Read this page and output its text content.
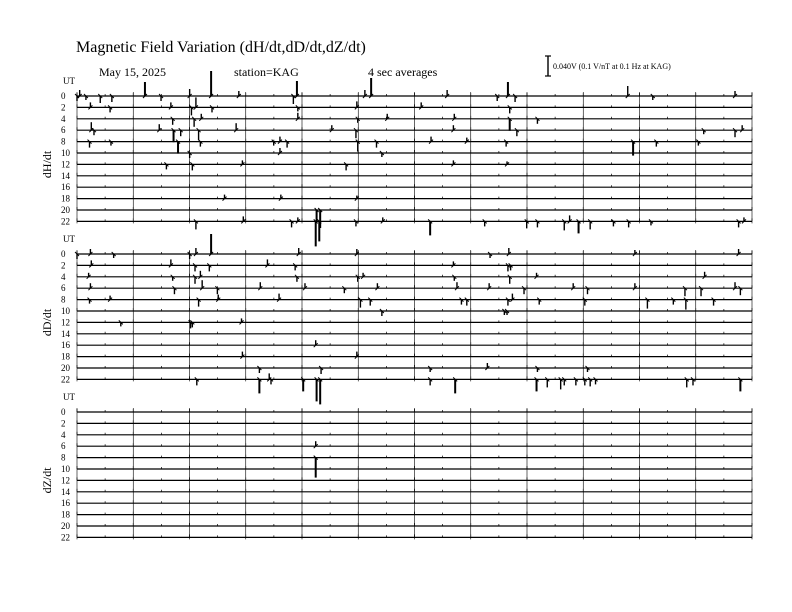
Magnetic Field Variation (dH/dt,dD/dt,dZ/dt)
May 15, 2025	station=KAG	4 sec averages	0.040V (0.1 V/nT at 0.1 Hz at KAG)
UT
dH/dt
0
2
4
6
8
10
12
14
16
18
20
22
UT
dD/dt
0
2
4
6
8
10
12
14
16
18
20
22
UT
dZ/dt
0
2
4
6
8
10
12
14
16
18
20
22
